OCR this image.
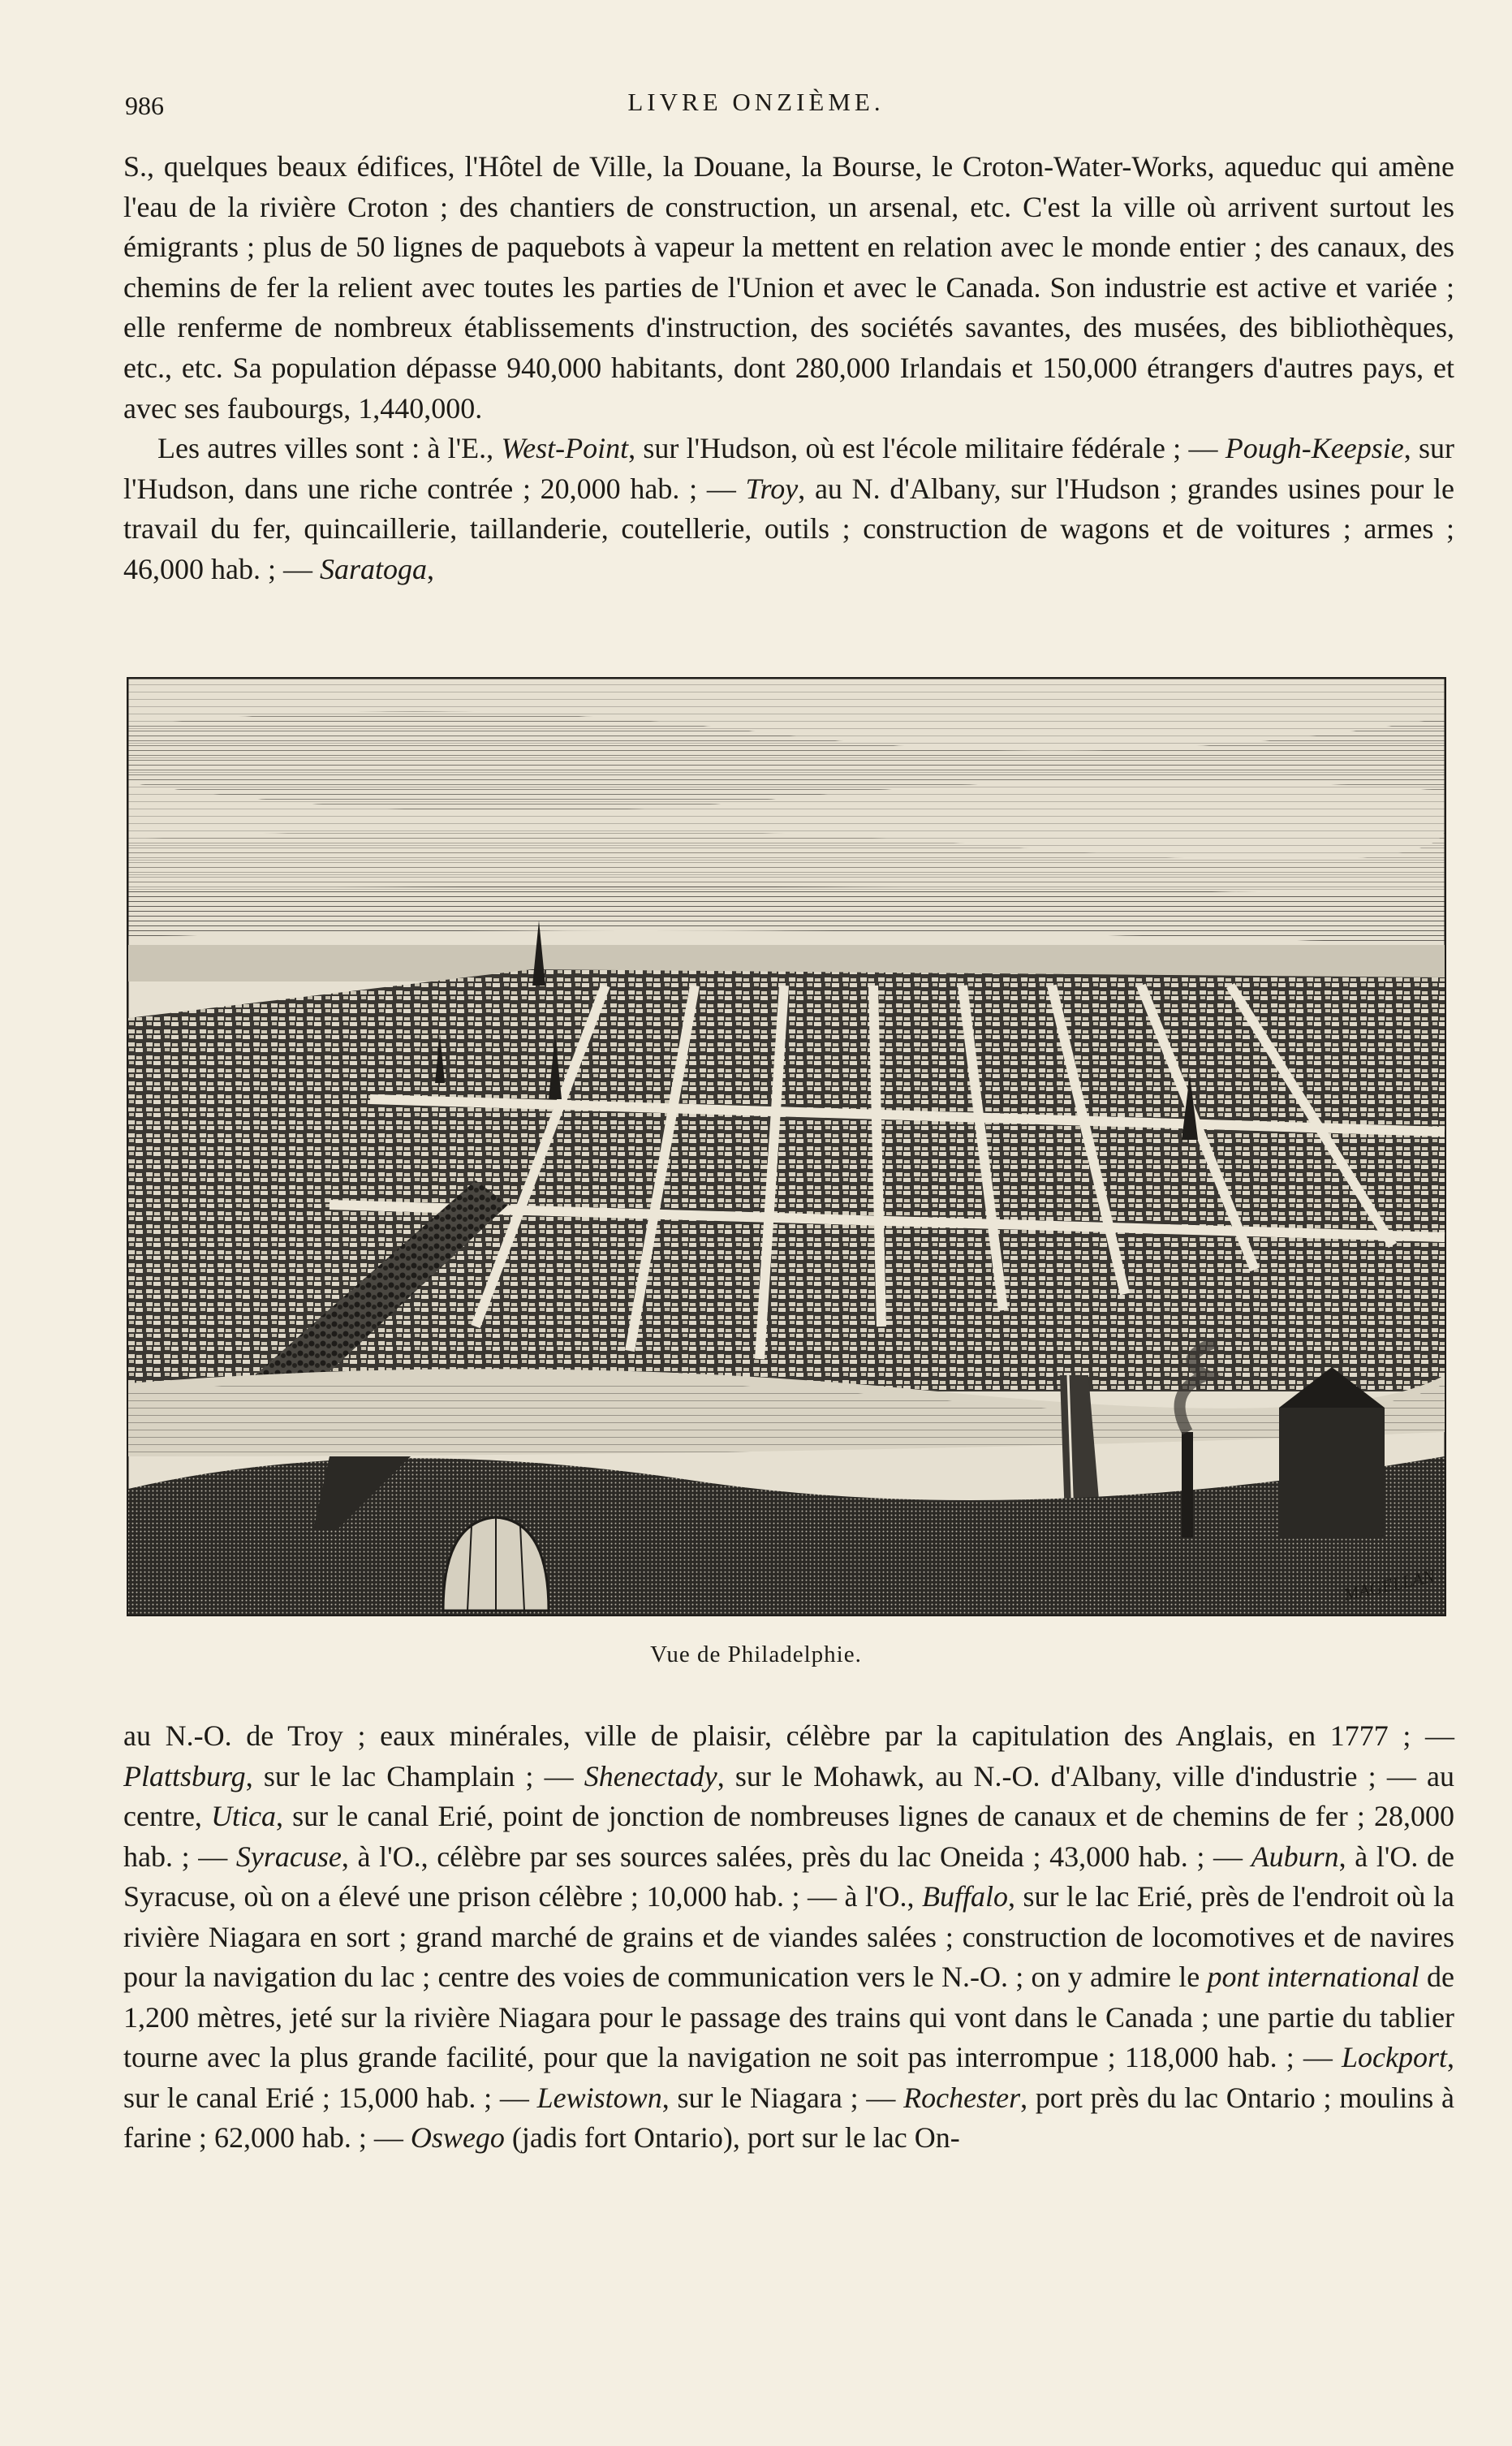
986	LIVRE ONZIÈME.

S., quelques beaux édifices, l'Hôtel de Ville, la Douane, la Bourse, le Croton-Water-Works, aqueduc qui amène l'eau de la rivière Croton ; des chantiers de construction, un arsenal, etc. C'est la ville où arrivent surtout les émigrants ; plus de 50 lignes de paquebots à vapeur la mettent en relation avec le monde entier ; des canaux, des chemins de fer la relient avec toutes les parties de l'Union et avec le Canada. Son industrie est active et variée ; elle renferme de nombreux établissements d'instruction, des sociétés savantes, des musées, des bibliothèques, etc., etc. Sa population dépasse 940,000 habitants, dont 280,000 Irlandais et 150,000 étrangers d'autres pays, et avec ses faubourgs, 1,440,000.

Les autres villes sont : à l'E., West-Point, sur l'Hudson, où est l'école militaire fédérale ; — Pough-Keepsie, sur l'Hudson, dans une riche contrée ; 20,000 hab. ; — Troy, au N. d'Albany, sur l'Hudson ; grandes usines pour le travail du fer, quincaillerie, taillanderie, coutellerie, outils ; construction de wagons et de voitures ; armes ; 46,000 hab. ; — Saratoga,

MAGELLAN
Vue de Philadelphie.

au N.-O. de Troy ; eaux minérales, ville de plaisir, célèbre par la capitulation des Anglais, en 1777 ; — Plattsburg, sur le lac Champlain ; — Shenectady, sur le Mohawk, au N.-O. d'Albany, ville d'industrie ; — au centre, Utica, sur le canal Erié, point de jonction de nombreuses lignes de canaux et de chemins de fer ; 28,000 hab. ; — Syracuse, à l'O., célèbre par ses sources salées, près du lac Oneida ; 43,000 hab. ; — Auburn, à l'O. de Syracuse, où on a élevé une prison célèbre ; 10,000 hab. ; — à l'O., Buffalo, sur le lac Erié, près de l'endroit où la rivière Niagara en sort ; grand marché de grains et de viandes salées ; construction de locomotives et de navires pour la navigation du lac ; centre des voies de communication vers le N.-O. ; on y admire le pont international de 1,200 mètres, jeté sur la rivière Niagara pour le passage des trains qui vont dans le Canada ; une partie du tablier tourne avec la plus grande facilité, pour que la navigation ne soit pas interrompue ; 118,000 hab. ; — Lockport, sur le canal Erié ; 15,000 hab. ; — Lewistown, sur le Niagara ; — Rochester, port près du lac Ontario ; moulins à farine ; 62,000 hab. ; — Oswego (jadis fort Ontario), port sur le lac On-
